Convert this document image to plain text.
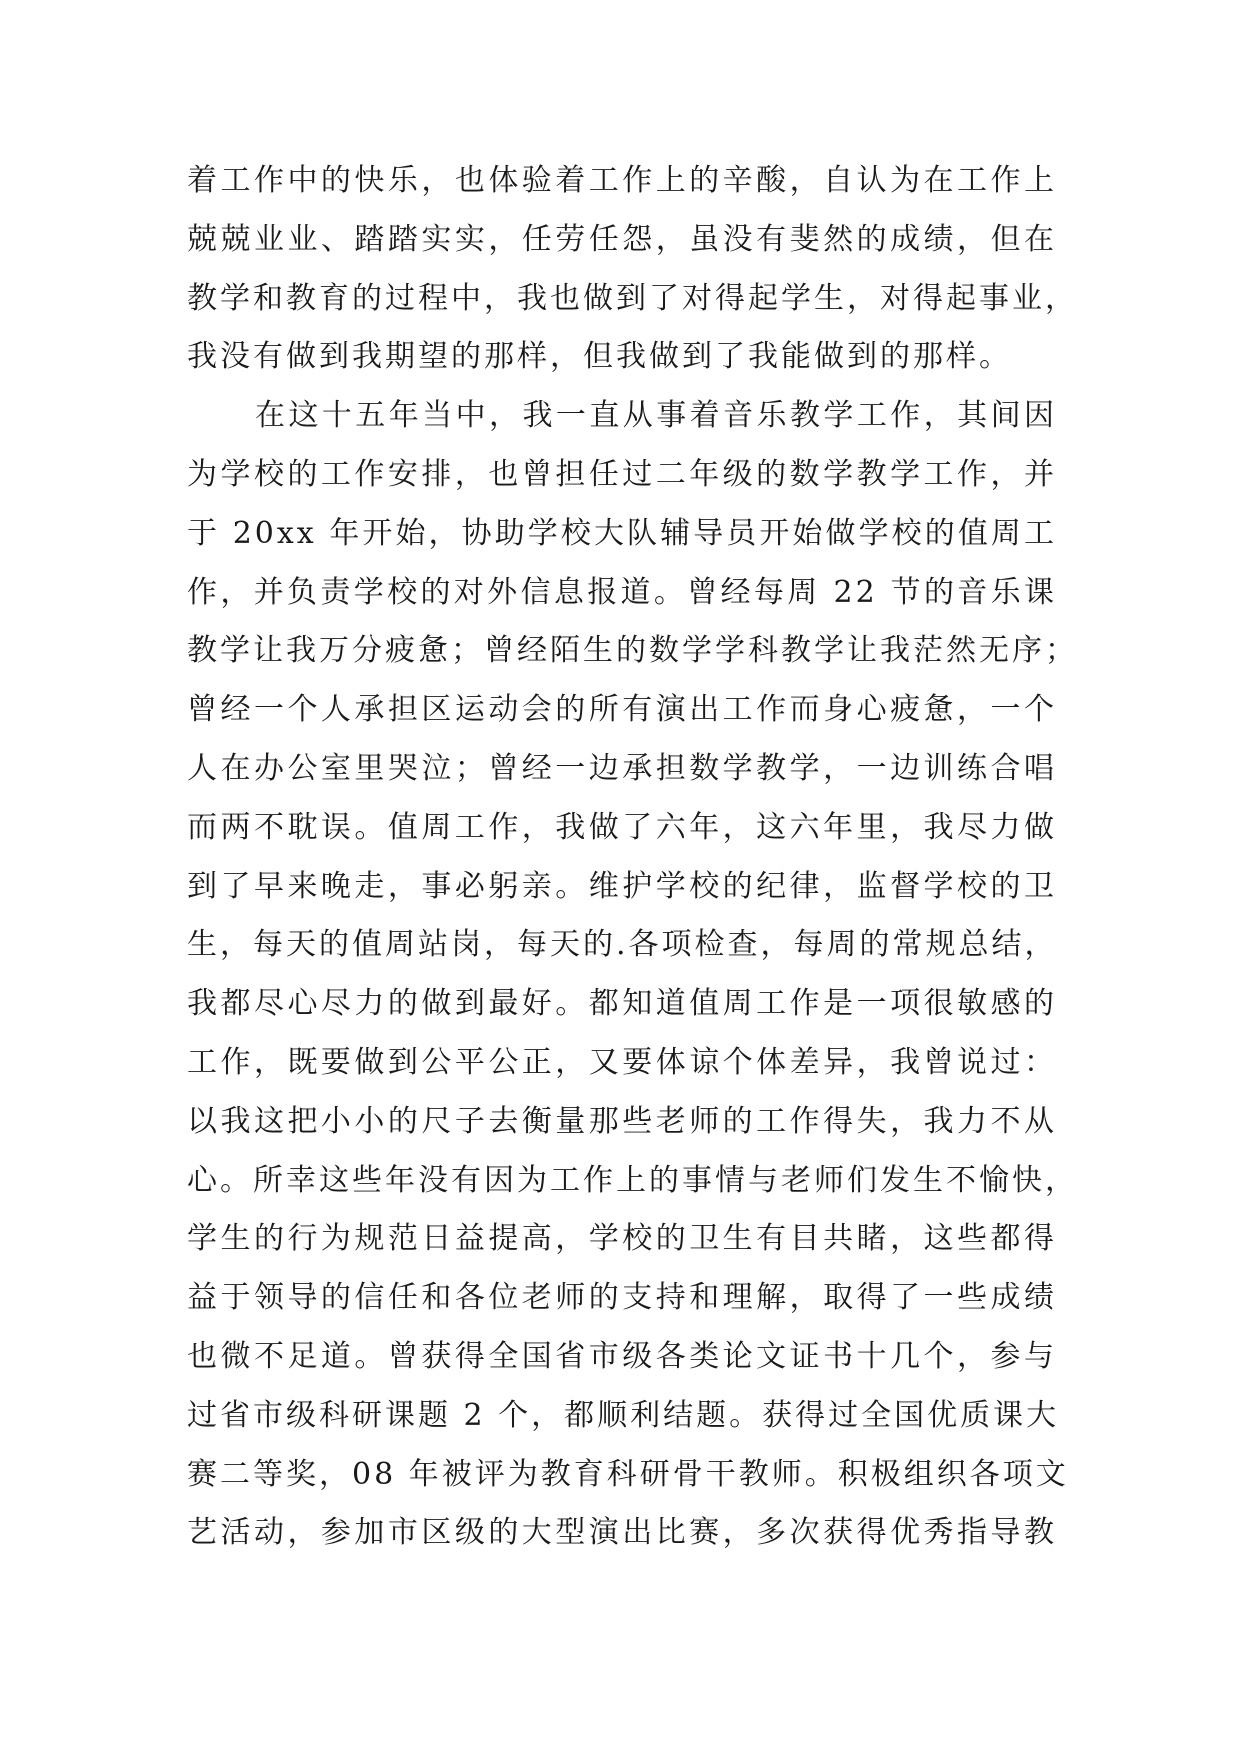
着工作中的快乐，也体验着工作上的辛酸，自认为在工作上
兢兢业业、踏踏实实，任劳任怨，虽没有斐然的成绩，但在
教学和教育的过程中，我也做到了对得起学生，对得起事业，
我没有做到我期望的那样，但我做到了我能做到的那样。
在这十五年当中，我一直从事着音乐教学工作，其间因
为学校的工作安排，也曾担任过二年级的数学教学工作，并
于 20xx 年开始，协助学校大队辅导员开始做学校的值周工
作，并负责学校的对外信息报道。曾经每周 22 节的音乐课
教学让我万分疲惫；曾经陌生的数学学科教学让我茫然无序；
曾经一个人承担区运动会的所有演出工作而身心疲惫，一个
人在办公室里哭泣；曾经一边承担数学教学，一边训练合唱
而两不耽误。值周工作，我做了六年，这六年里，我尽力做
到了早来晚走，事必躬亲。维护学校的纪律，监督学校的卫
生，每天的值周站岗，每天的.各项检查，每周的常规总结，
我都尽心尽力的做到最好。都知道值周工作是一项很敏感的
工作，既要做到公平公正，又要体谅个体差异，我曾说过：
以我这把小小的尺子去衡量那些老师的工作得失，我力不从
心。所幸这些年没有因为工作上的事情与老师们发生不愉快，
学生的行为规范日益提高，学校的卫生有目共睹，这些都得
益于领导的信任和各位老师的支持和理解，取得了一些成绩
也微不足道。曾获得全国省市级各类论文证书十几个，参与
过省市级科研课题 2 个，都顺利结题。获得过全国优质课大
赛二等奖，08 年被评为教育科研骨干教师。积极组织各项文
艺活动，参加市区级的大型演出比赛，多次获得优秀指导教
